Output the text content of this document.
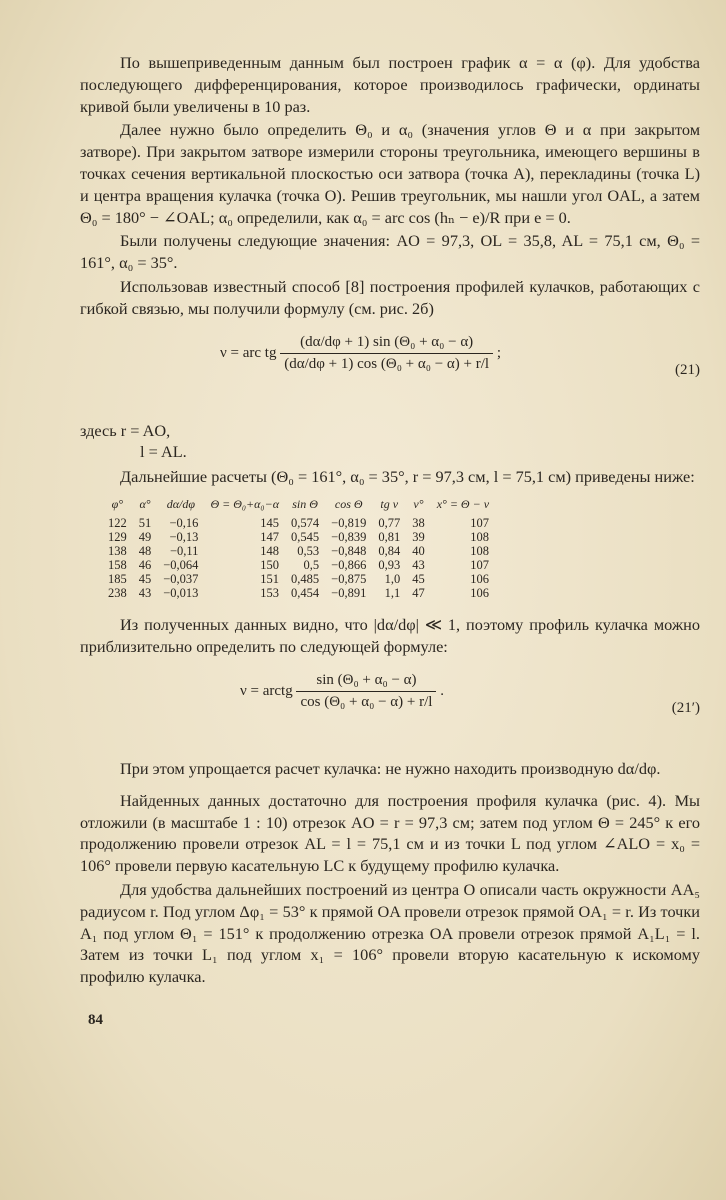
По вышеприведенным данным был построен график α = α (φ). Для удобства последующего дифференцирования, которое производилось графически, ординаты кривой были увеличены в 10 раз.

Далее нужно было определить Θ₀ и α₀ (значения углов Θ и α при закрытом затворе). При закрытом затворе измерили стороны треугольника, имеющего вершины в точках сечения вертикальной плоскостью оси затвора (точка A), перекладины (точка L) и центра вращения кулачка (точка O). Решив треугольник, мы нашли угол OAL, а затем Θ₀ = 180° − ∠OAL; α₀ определили, как α₀ = arc cos (hₙ − e)/R при e = 0.

Были получены следующие значения: AO = 97,3, OL = 35,8, AL = 75,1 см, Θ₀ = 161°, α₀ = 35°.

Использовав известный способ [8] построения профилей кулачков, работающих с гибкой связью, мы получили формулу (см. рис. 2б)

ν = arc tg $\frac{\text{(dα/dφ + 1) sin (Θ₀ + α₀ − α)}}{\text{(dα/dφ + 1) cos (Θ₀ + α₀ − α) + r/l}}$ ;
(21)
здесь r = AO,
l = AL.

Дальнейшие расчеты (Θ₀ = 161°, α₀ = 35°, r = 97,3 см, l = 75,1 см) приведены ниже:

φ°	α°	dα/dφ	Θ = Θ₀+α₀−α	sin Θ	cos Θ	tg ν	ν°	x° = Θ − ν
122	51	−0,16	145	0,574	−0,819	0,77	38	107
129	49	−0,13	147	0,545	−0,839	0,81	39	108
138	48	−0,11	148	0,53	−0,848	0,84	40	108
158	46	−0,064	150	0,5	−0,866	0,93	43	107
185	45	−0,037	151	0,485	−0,875	1,0	45	106
238	43	−0,013	153	0,454	−0,891	1,1	47	106

Из полученных данных видно, что |dα/dφ| ≪ 1, поэтому профиль кулачка можно приблизительно определить по следующей формуле:

ν = arctg $\frac{\text{sin (Θ₀ + α₀ − α)}}{\text{cos (Θ₀ + α₀ − α) + r/l}}$ .
(21′)

При этом упрощается расчет кулачка: не нужно находить производную dα/dφ.

Найденных данных достаточно для построения профиля кулачка (рис. 4). Мы отложили (в масштабе 1 : 10) отрезок AO = r = 97,3 см; затем под углом Θ = 245° к его продолжению провели отрезок AL = l = 75,1 см и из точки L под углом ∠ALO = x₀ = 106° провели первую касательную LC к будущему профилю кулачка.

Для удобства дальнейших построений из центра O описали часть окружности AA₅ радиусом r. Под углом Δφ₁ = 53° к прямой OA провели отрезок прямой OA₁ = r. Из точки A₁ под углом Θ₁ = 151° к продолжению отрезка OA провели отрезок прямой A₁L₁ = l. Затем из точки L₁ под углом x₁ = 106° провели вторую касательную к искомому профилю кулачка.

84
